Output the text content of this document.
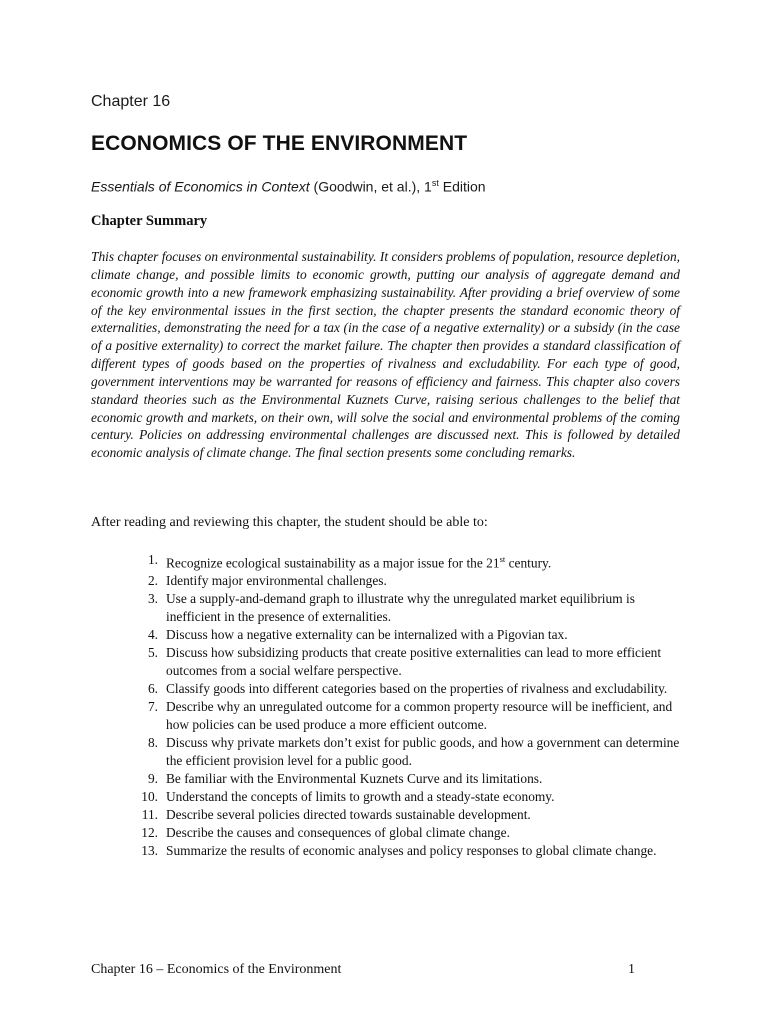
Chapter 16
ECONOMICS OF THE ENVIRONMENT
Essentials of Economics in Context (Goodwin, et al.), 1st Edition
Chapter Summary

This chapter focuses on environmental sustainability. It considers problems of population, resource depletion, climate change, and possible limits to economic growth, putting our analysis of aggregate demand and economic growth into a new framework emphasizing sustainability. After providing a brief overview of some of the key environmental issues in the first section, the chapter presents the standard economic theory of externalities, demonstrating the need for a tax (in the case of a negative externality) or a subsidy (in the case of a positive externality) to correct the market failure. The chapter then provides a standard classification of different types of goods based on the properties of rivalness and excludability. For each type of good, government interventions may be warranted for reasons of efficiency and fairness. This chapter also covers standard theories such as the Environmental Kuznets Curve, raising serious challenges to the belief that economic growth and markets, on their own, will solve the social and environmental problems of the coming century. Policies on addressing environmental challenges are discussed next. This is followed by detailed economic analysis of climate change. The final section presents some concluding remarks.

After reading and reviewing this chapter, the student should be able to:

1. Recognize ecological sustainability as a major issue for the 21st century.
2. Identify major environmental challenges.
3. Use a supply-and-demand graph to illustrate why the unregulated market equilibrium is inefficient in the presence of externalities.
4. Discuss how a negative externality can be internalized with a Pigovian tax.
5. Discuss how subsidizing products that create positive externalities can lead to more efficient outcomes from a social welfare perspective.
6. Classify goods into different categories based on the properties of rivalness and excludability.
7. Describe why an unregulated outcome for a common property resource will be inefficient, and how policies can be used produce a more efficient outcome.
8. Discuss why private markets don’t exist for public goods, and how a government can determine the efficient provision level for a public good.
9. Be familiar with the Environmental Kuznets Curve and its limitations.
10. Understand the concepts of limits to growth and a steady-state economy.
11. Describe several policies directed towards sustainable development.
12. Describe the causes and consequences of global climate change.
13. Summarize the results of economic analyses and policy responses to global climate change.
Chapter 16 – Economics of the Environment	1
